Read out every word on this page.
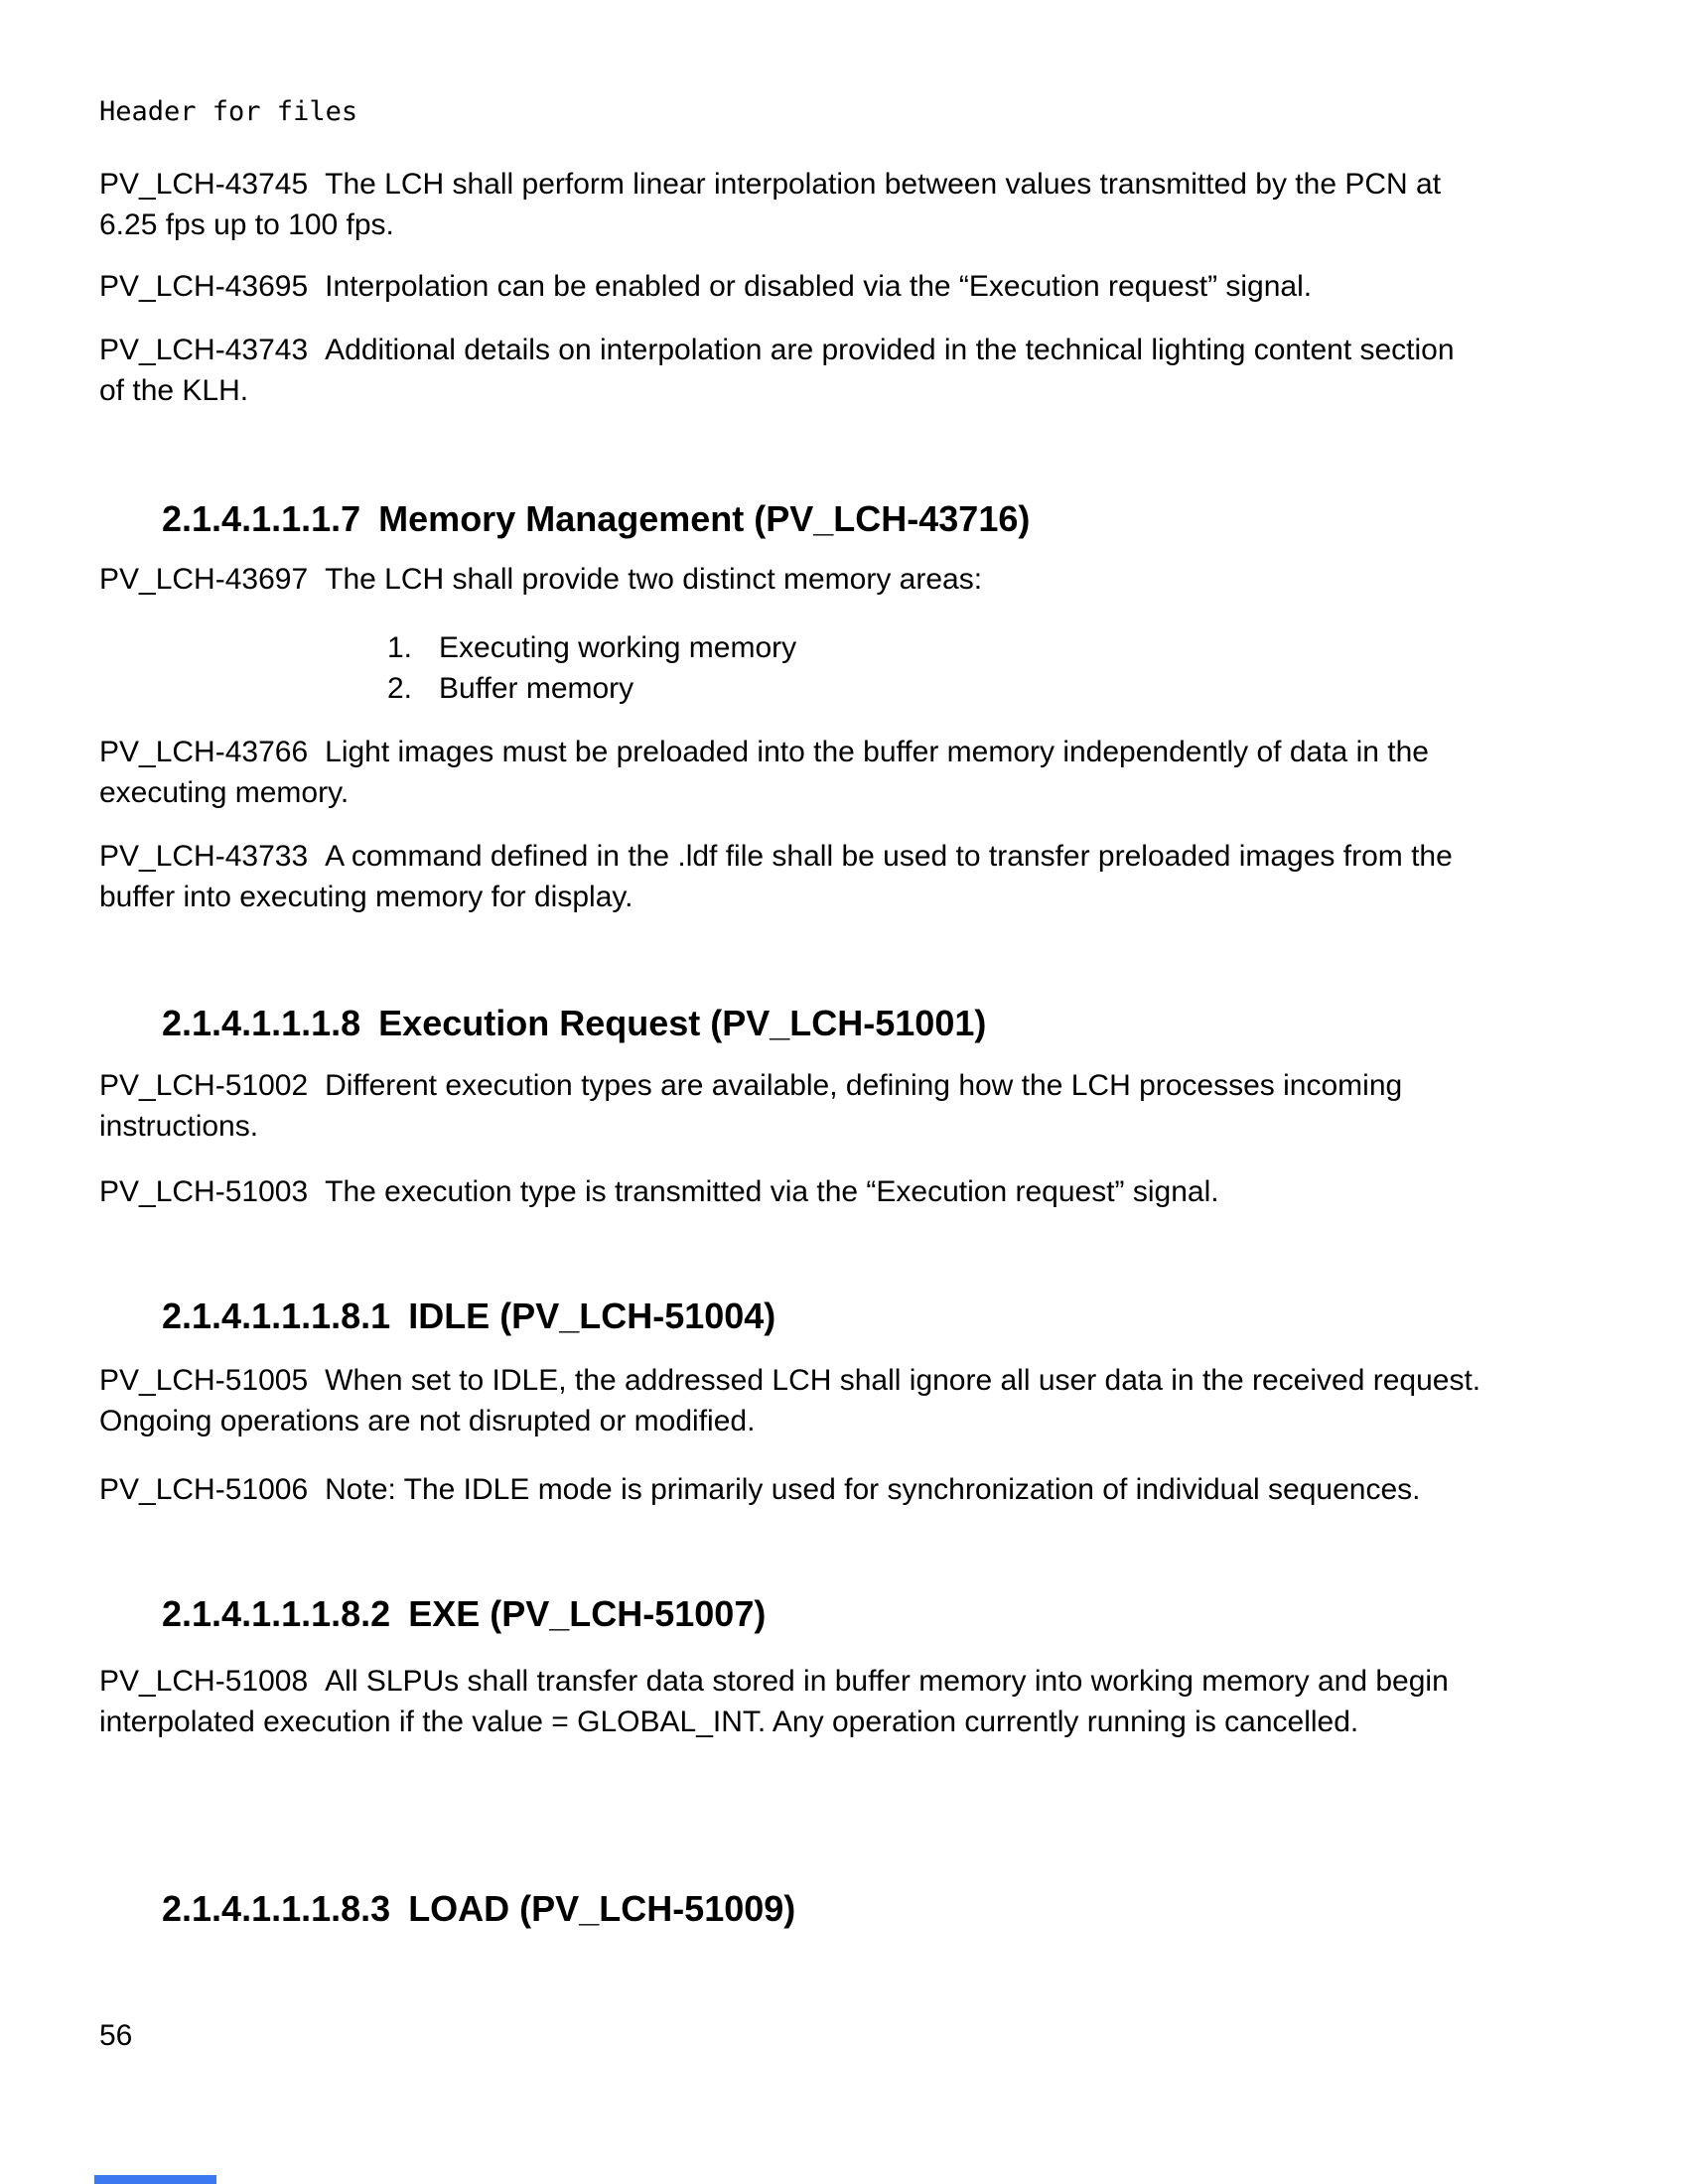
Header for files
PV_LCH-43745 The LCH shall perform linear interpolation between values transmitted by the PCN at
6.25 fps up to 100 fps.
PV_LCH-43695 Interpolation can be enabled or disabled via the “Execution request” signal.
PV_LCH-43743 Additional details on interpolation are provided in the technical lighting content section
of the KLH.
2.1.4.1.1.1.7 Memory Management (PV_LCH-43716)
PV_LCH-43697 The LCH shall provide two distinct memory areas:
1. Executing working memory
2. Buffer memory
PV_LCH-43766 Light images must be preloaded into the buffer memory independently of data in the
executing memory.
PV_LCH-43733 A command defined in the .ldf file shall be used to transfer preloaded images from the
buffer into executing memory for display.
2.1.4.1.1.1.8 Execution Request (PV_LCH-51001)
PV_LCH-51002 Different execution types are available, defining how the LCH processes incoming
instructions.
PV_LCH-51003 The execution type is transmitted via the “Execution request” signal.
2.1.4.1.1.1.8.1 IDLE (PV_LCH-51004)
PV_LCH-51005 When set to IDLE, the addressed LCH shall ignore all user data in the received request.
Ongoing operations are not disrupted or modified.
PV_LCH-51006 Note: The IDLE mode is primarily used for synchronization of individual sequences.
2.1.4.1.1.1.8.2 EXE (PV_LCH-51007)
PV_LCH-51008 All SLPUs shall transfer data stored in buffer memory into working memory and begin
interpolated execution if the value = GLOBAL_INT. Any operation currently running is cancelled.
2.1.4.1.1.1.8.3 LOAD (PV_LCH-51009)
56
